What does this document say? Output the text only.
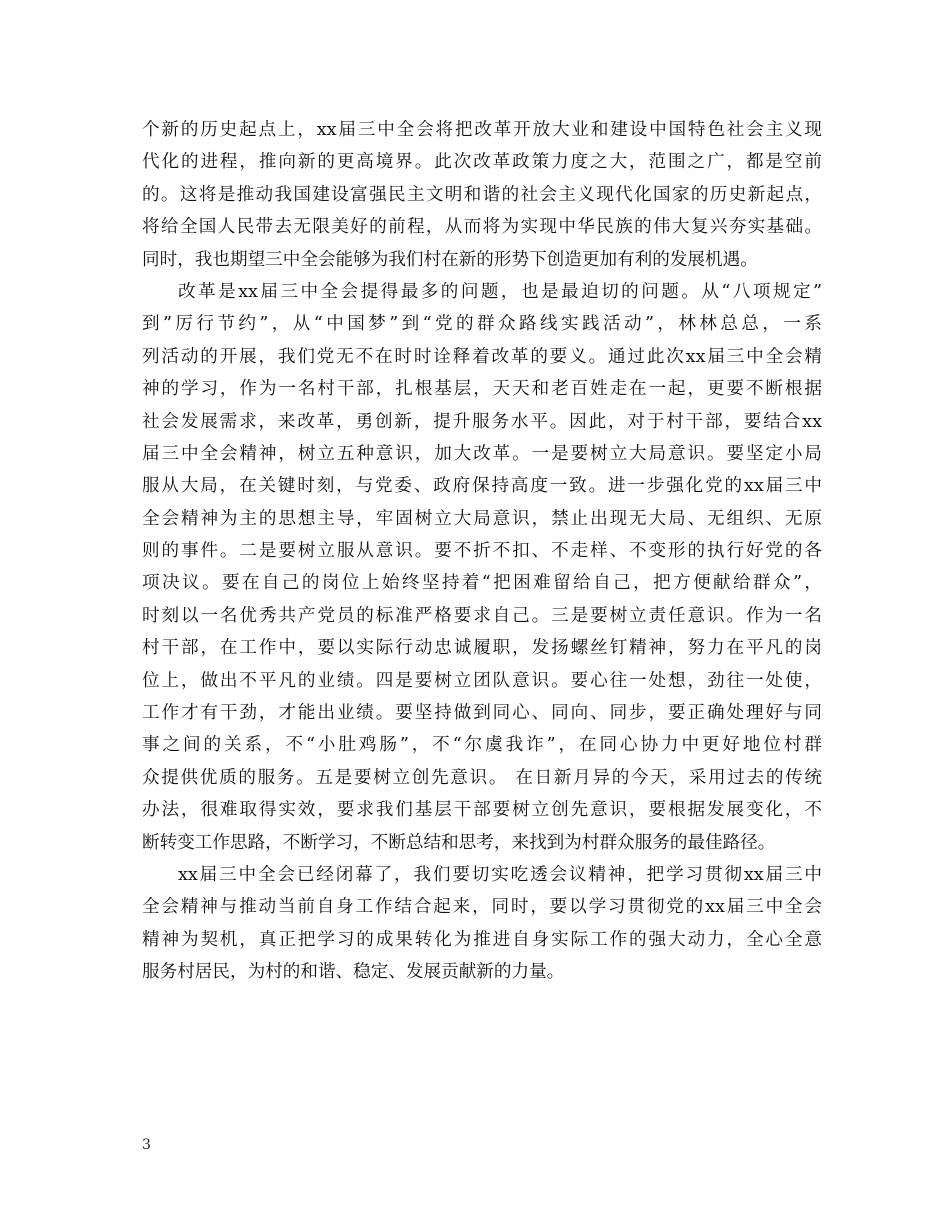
个新的历史起点上，xx届三中全会将把改革开放大业和建设中国特色社会主义现
代化的进程，推向新的更高境界。此次改革政策力度之大，范围之广，都是空前
的。这将是推动我国建设富强民主文明和谐的社会主义现代化国家的历史新起点，
将给全国人民带去无限美好的前程，从而将为实现中华民族的伟大复兴夯实基础。
同时，我也期望三中全会能够为我们村在新的形势下创造更加有利的发展机遇。
改革是xx届三中全会提得最多的问题，也是最迫切的问题。从“八项规定”
到”厉行节约”，从“中国梦”到“党的群众路线实践活动”，林林总总，一系
列活动的开展，我们党无不在时时诠释着改革的要义。通过此次xx届三中全会精
神的学习，作为一名村干部，扎根基层，天天和老百姓走在一起，更要不断根据
社会发展需求，来改革，勇创新，提升服务水平。因此，对于村干部，要结合xx
届三中全会精神，树立五种意识，加大改革。一是要树立大局意识。要坚定小局
服从大局，在关键时刻，与党委、政府保持高度一致。进一步强化党的xx届三中
全会精神为主的思想主导，牢固树立大局意识，禁止出现无大局、无组织、无原
则的事件。二是要树立服从意识。要不折不扣、不走样、不变形的执行好党的各
项决议。要在自己的岗位上始终坚持着“把困难留给自己，把方便献给群众”，
时刻以一名优秀共产党员的标准严格要求自己。三是要树立责任意识。作为一名
村干部，在工作中，要以实际行动忠诚履职，发扬螺丝钉精神，努力在平凡的岗
位上，做出不平凡的业绩。四是要树立团队意识。要心往一处想，劲往一处使，
工作才有干劲，才能出业绩。要坚持做到同心、同向、同步，要正确处理好与同
事之间的关系，不“小肚鸡肠”，不“尔虞我诈”，在同心协力中更好地位村群
众提供优质的服务。五是要树立创先意识。 在日新月异的今天，采用过去的传统
办法，很难取得实效，要求我们基层干部要树立创先意识，要根据发展变化，不
断转变工作思路，不断学习，不断总结和思考，来找到为村群众服务的最佳路径。
xx届三中全会已经闭幕了，我们要切实吃透会议精神，把学习贯彻xx届三中
全会精神与推动当前自身工作结合起来，同时，要以学习贯彻党的xx届三中全会
精神为契机，真正把学习的成果转化为推进自身实际工作的强大动力，全心全意
服务村居民，为村的和谐、稳定、发展贡献新的力量。
3
